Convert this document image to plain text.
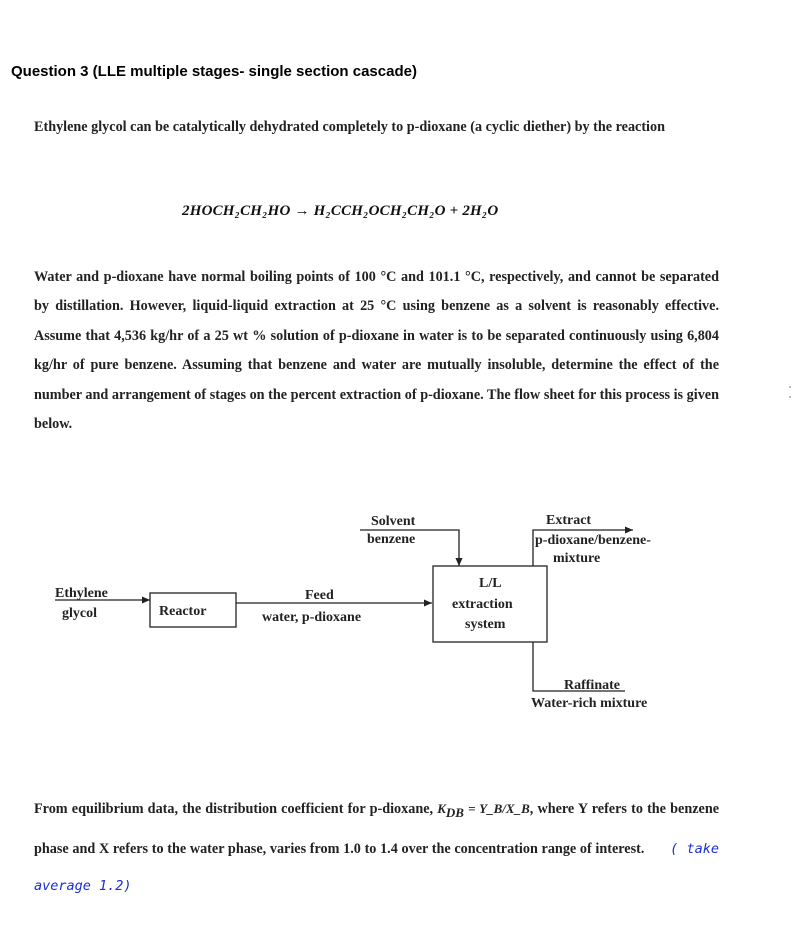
Question 3 (LLE multiple stages- single section cascade)
Ethylene glycol can be catalytically dehydrated completely to p-dioxane (a cyclic diether) by the reaction
2HOCH₂CH₂HO → H₂CCH₂OCH₂CH₂O + 2H₂O
Water and p-dioxane have normal boiling points of 100 °C and 101.1 °C, respectively, and cannot be separated by distillation. However, liquid-liquid extraction at 25 °C using benzene as a solvent is reasonably effective. Assume that 4,536 kg/hr of a 25 wt % solution of p-dioxane in water is to be separated continuously using 6,804 kg/hr of pure benzene. Assuming that benzene and water are mutually insoluble, determine the effect of the number and arrangement of stages on the percent extraction of p-dioxane. The flow sheet for this process is given below.
Ethylene
glycol	Reactor
Feed
water, p-dioxane
Solvent
benzene
L/L
extraction
system
Extract
p-dioxane/benzene-
mixture
Raffinate
Water-rich mixture
From equilibrium data, the distribution coefficient for p-dioxane, $K_{DB}$ = Y_B/X_B, where Y refers to the benzene phase and X refers to the water phase, varies from 1.0 to 1.4 over the concentration range of interest. ( take average 1.2)
